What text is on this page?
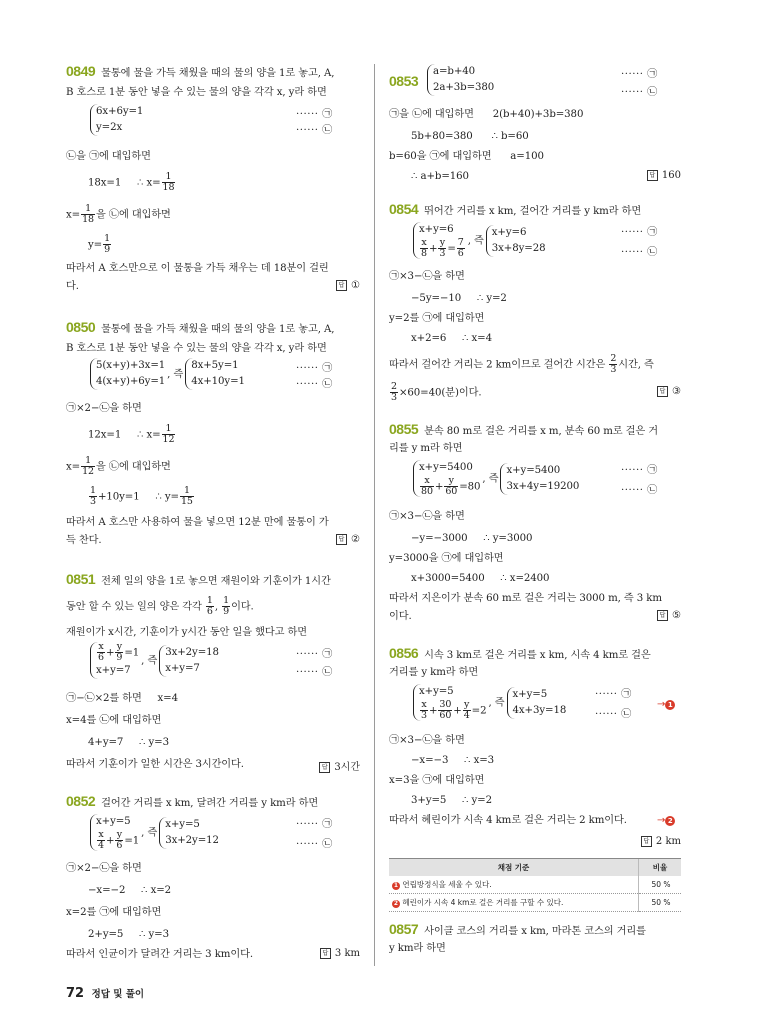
0849 물통에 물을 가득 채웠을 때의 물의 양을 1로 놓고, A,
B 호스로 1분 동안 넣을 수 있는 물의 양을 각각 x, y라 하면
6x+6y=1
y=2x
······ ㉠
······ ㉡
㉡을 ㉠에 대입하면
18x=1 ∴ $x= \frac{1}{18}$
$x= \frac{1}{18}$ 을 ㉡에 대입하면
$y= \frac{1}{9}$
따라서 A 호스만으로 이 물통을 가득 채우는 데 18분이 걸린
다.	답 ①
0850 물통에 물을 가득 채웠을 때의 물의 양을 1로 놓고, A,
B 호스로 1분 동안 넣을 수 있는 물의 양을 각각 x, y라 하면
5(x+y)+3x=1
4(x+y)+6y=1
, 즉
8x+5y=1
4x+10y=1
······ ㉠
······ ㉡
㉠×2−㉡을 하면
12x=1 ∴ $x= \frac{1}{12}$
$x= \frac{1}{12}$ 을 ㉡에 대입하면
$\frac{1}{3} +10y=1$ ∴ $y= \frac{1}{15}$
따라서 A 호스만 사용하여 물을 넣으면 12분 만에 물통이 가
득 찬다.	답 ②
0851 전체 일의 양을 1로 놓으면 재원이와 기훈이가 1시간
동안 할 수 있는 일의 양은 각각 $\frac{1}{6}$ , $\frac{1}{9}$ 이다.
재원이가 x시간, 기훈이가 y시간 동안 일을 했다고 하면
$\frac{x}{6} + \frac{y}{9} =1$
x+y=7
, 즉
3x+2y=18
x+y=7
······ ㉠
······ ㉡
㉠−㉡×2를 하면 x=4
x=4를 ㉡에 대입하면
4+y=7 ∴ y=3
따라서 기훈이가 일한 시간은 3시간이다.	답 3시간
0852 걸어간 거리를 x km, 달려간 거리를 y km라 하면
x+y=5
$\frac{x}{4} + \frac{y}{6} =1$
, 즉
x+y=5
3x+2y=12
······ ㉠
······ ㉡
㉠×2−㉡을 하면
−x=−2 ∴ x=2
x=2를 ㉠에 대입하면
2+y=5 ∴ y=3
따라서 인균이가 달려간 거리는 3 km이다.	답 3 km
0853
a=b+40
2a+3b=380
······ ㉠
······ ㉡
㉠을 ㉡에 대입하면 2(b+40)+3b=380
5b+80=380 ∴ b=60
b=60을 ㉠에 대입하면 a=100
∴ a+b=160	답 160
0854 뛰어간 거리를 x km, 걸어간 거리를 y km라 하면
x+y=6
$\frac{x}{8} + \frac{y}{3} = \frac{7}{6}$ , 즉
x+y=6
3x+8y=28
······ ㉠
······ ㉡
㉠×3−㉡을 하면
−5y=−10 ∴ y=2
y=2를 ㉠에 대입하면
x+2=6 ∴ x=4
따라서 걸어간 거리는 2 km이므로 걸어간 시간은 $\frac{2}{3}$ 시간, 즉
$\frac{2}{3} \times 60=40$(분)이다.	답 ③
0855 분속 80 m로 걸은 거리를 x m, 분속 60 m로 걸은 거
리를 y m라 하면
x+y=5400
$\frac{x}{80} + \frac{y}{60} =80$
, 즉
x+y=5400
3x+4y=19200
······ ㉠
······ ㉡
㉠×3−㉡을 하면
−y=−3000 ∴ y=3000
y=3000을 ㉠에 대입하면
x+3000=5400 ∴ x=2400
따라서 지은이가 분속 60 m로 걸은 거리는 3000 m, 즉 3 km
이다.	답 ⑤
0856 시속 3 km로 걸은 거리를 x km, 시속 4 km로 걸은
거리를 y km라 하면
x+y=5
$\frac{x}{3} + \frac{30}{60} + \frac{y}{4} =2$
, 즉
x+y=5
4x+3y=18
······ ㉠
······ ㉡
→ 1
㉠×3−㉡을 하면
−x=−3 ∴ x=3
x=3을 ㉠에 대입하면
3+y=5 ∴ y=2
따라서 혜린이가 시속 4 km로 걸은 거리는 2 km이다.	→ 2
답 2 km
채점 기준	비율
1 연립방정식을 세울 수 있다.	50 %
2 혜린이가 시속 4 km로 걸은 거리를 구할 수 있다.	50 %
0857 사이클 코스의 거리를 x km, 마라톤 코스의 거리를
y km라 하면
72 정답 및 풀이
